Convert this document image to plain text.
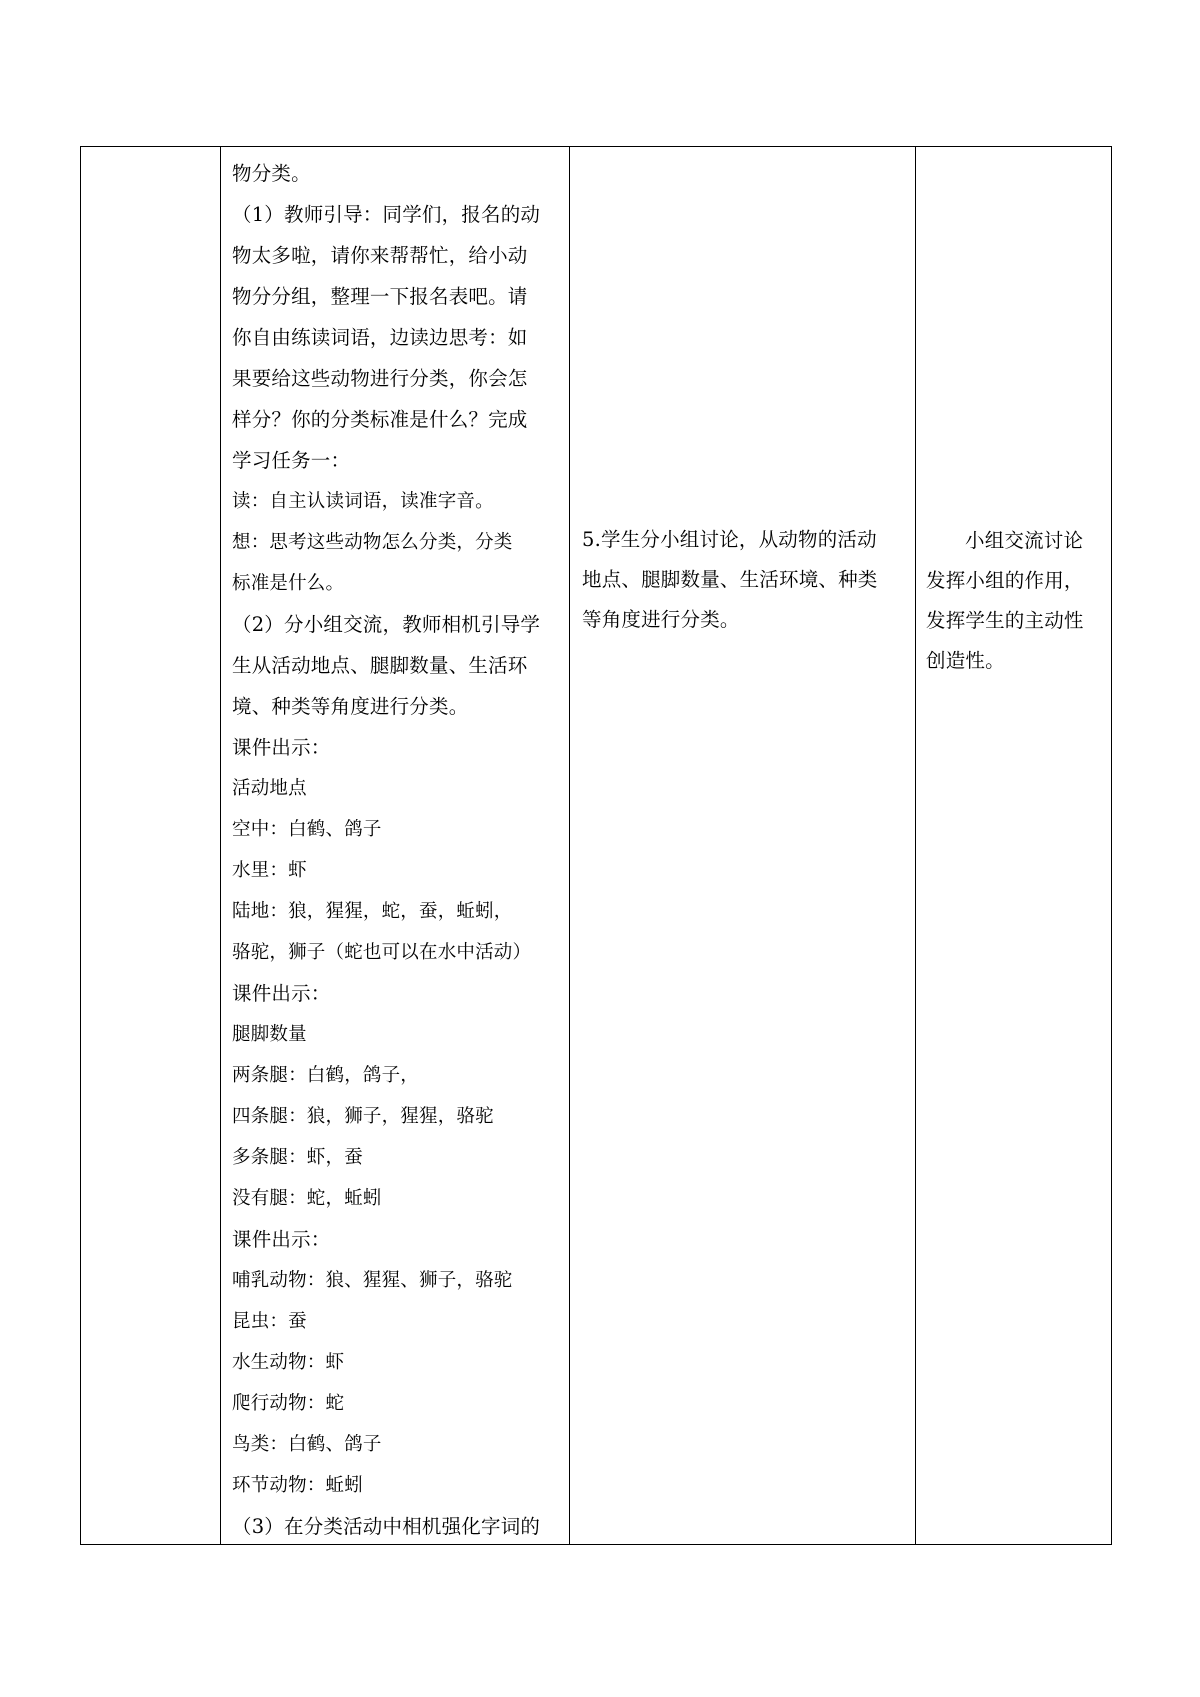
物分类。
（1）教师引导：同学们，报名的动
物太多啦，请你来帮帮忙，给小动
物分分组，整理一下报名表吧。请
你自由练读词语，边读边思考：如
果要给这些动物进行分类，你会怎
样分？你的分类标准是什么？完成
学习任务一：
读：自主认读词语，读准字音。
想：思考这些动物怎么分类，分类
标准是什么。
（2）分小组交流，教师相机引导学
生从活动地点、腿脚数量、生活环
境、种类等角度进行分类。
课件出示：
活动地点
空中：白鹤、鸽子
水里：虾
陆地：狼，猩猩，蛇，蚕，蚯蚓，
骆驼，狮子（蛇也可以在水中活动）
课件出示：
腿脚数量
两条腿：白鹤，鸽子，
四条腿：狼，狮子，猩猩，骆驼
多条腿：虾，蚕
没有腿：蛇，蚯蚓
课件出示：
哺乳动物：狼、猩猩、狮子，骆驼
昆虫：蚕
水生动物：虾
爬行动物：蛇
鸟类：白鹤、鸽子
环节动物：蚯蚓
（3）在分类活动中相机强化字词的
5.学生分小组讨论，从动物的活动
地点、腿脚数量、生活环境、种类
等角度进行分类。
小组交流讨论
发挥小组的作用，
发挥学生的主动性
创造性。
